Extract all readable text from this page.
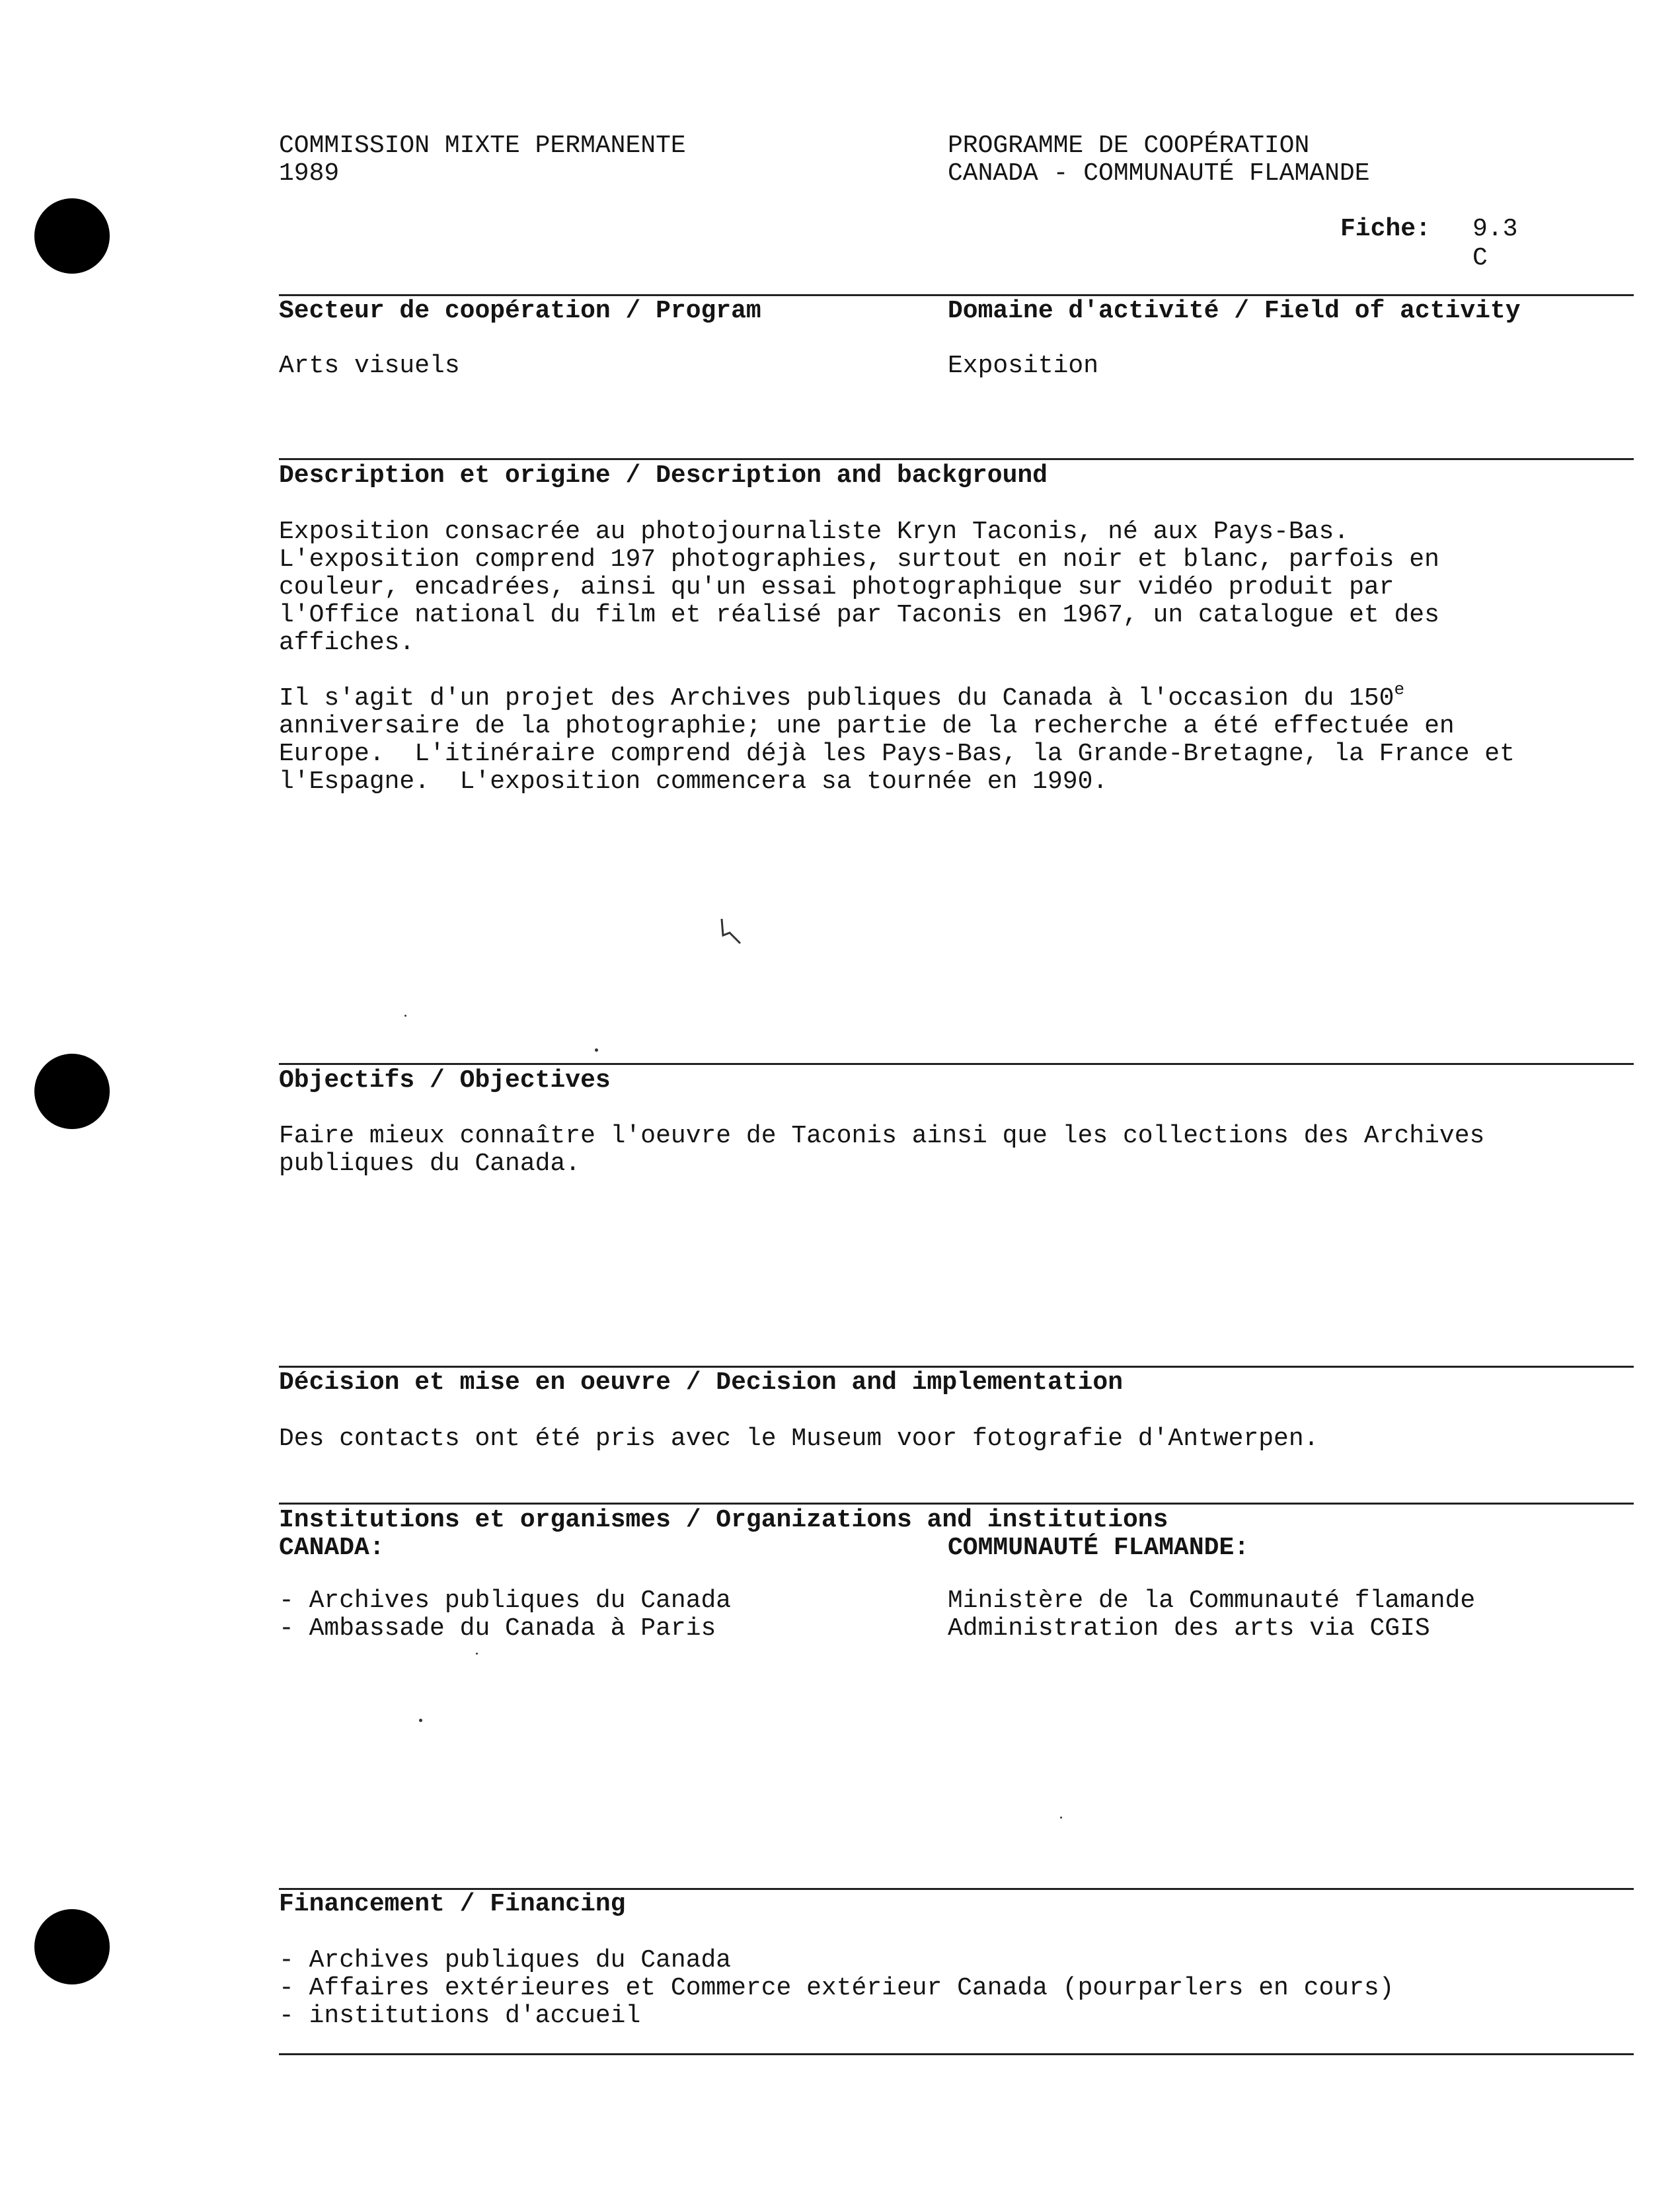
COMMISSION MIXTE PERMANENTE
1989
PROGRAMME DE COOPÉRATION
CANADA - COMMUNAUTÉ FLAMANDE
Fiche: 9.3
C
Secteur de coopération / Program
Arts visuels
Domaine d'activité / Field of activity
Exposition
Description et origine / Description and background
Exposition consacrée au photojournaliste Kryn Taconis, né aux Pays-Bas.
L'exposition comprend 197 photographies, surtout en noir et blanc, parfois en
couleur, encadrées, ainsi qu'un essai photographique sur vidéo produit par
l'Office national du film et réalisé par Taconis en 1967, un catalogue et des
affiches.
Il s'agit d'un projet des Archives publiques du Canada à l'occasion du 150e
anniversaire de la photographie; une partie de la recherche a été effectuée en
Europe.  L'itinéraire comprend déjà les Pays-Bas, la Grande-Bretagne, la France et
l'Espagne.  L'exposition commencera sa tournée en 1990.
Objectifs / Objectives
Faire mieux connaître l'oeuvre de Taconis ainsi que les collections des Archives
publiques du Canada.
Décision et mise en oeuvre / Decision and implementation
Des contacts ont été pris avec le Museum voor fotografie d'Antwerpen.
Institutions et organismes / Organizations and institutions
CANADA:	COMMUNAUTÉ FLAMANDE:
- Archives publiques du Canada
- Ambassade du Canada à Paris
Ministère de la Communauté flamande
Administration des arts via CGIS
Financement / Financing
- Archives publiques du Canada
- Affaires extérieures et Commerce extérieur Canada (pourparlers en cours)
- institutions d'accueil
